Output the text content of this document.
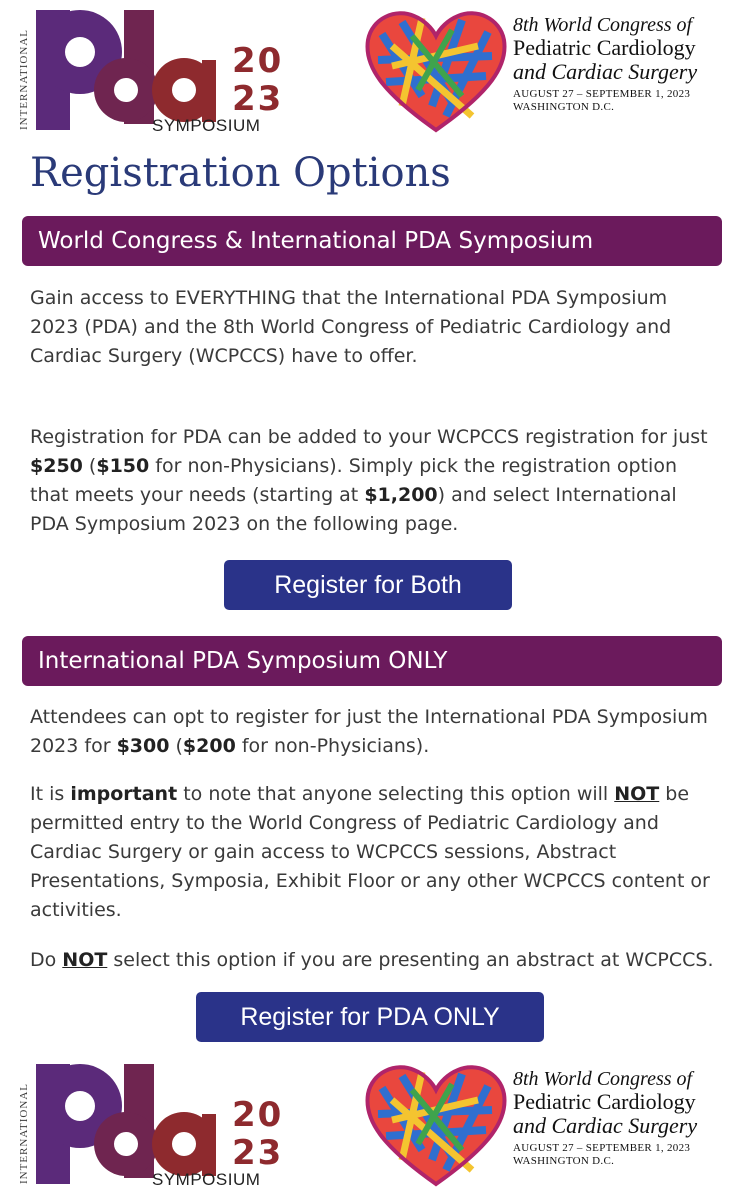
INTERNATIONAL	20
23
SYMPOSIUM
8th World Congress of
Pediatric Cardiology
and Cardiac Surgery
AUGUST 27 – SEPTEMBER 1, 2023
WASHINGTON D.C.
Registration Options
World Congress & International PDA Symposium

Gain access to EVERYTHING that the International PDA Symposium 2023 (PDA) and the 8th World Congress of Pediatric Cardiology and Cardiac Surgery (WCPCCS) have to offer.

Registration for PDA can be added to your WCPCCS registration for just $250 ($150 for non-Physicians). Simply pick the registration option that meets your needs (starting at $1,200) and select International PDA Symposium 2023 on the following page.

Register for Both
International PDA Symposium ONLY

Attendees can opt to register for just the International PDA Symposium 2023 for $300 ($200 for non-Physicians).

It is important to note that anyone selecting this option will NOT be permitted entry to the World Congress of Pediatric Cardiology and Cardiac Surgery or gain access to WCPCCS sessions, Abstract Presentations, Symposia, Exhibit Floor or any other WCPCCS content or activities.

Do NOT select this option if you are presenting an abstract at WCPCCS.

Register for PDA ONLY
INTERNATIONAL	20
23
SYMPOSIUM
8th World Congress of
Pediatric Cardiology
and Cardiac Surgery
AUGUST 27 – SEPTEMBER 1, 2023
WASHINGTON D.C.
